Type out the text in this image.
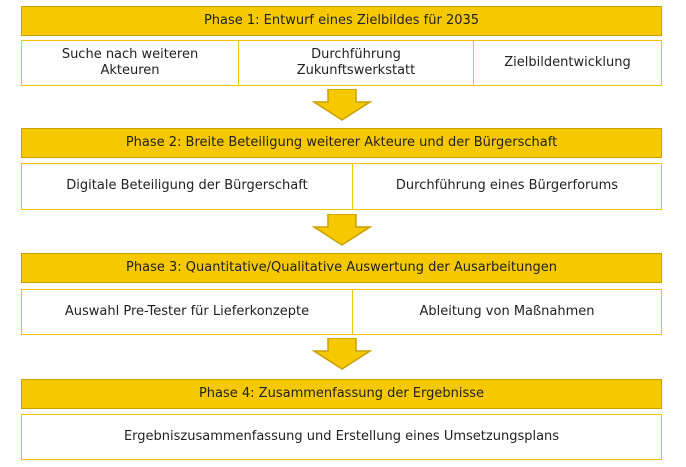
Phase 1: Entwurf eines Zielbildes für 2035
Suche nach weiteren
Akteuren
Durchführung
Zukunftswerkstatt
Zielbildentwicklung
Phase 2: Breite Beteiligung weiterer Akteure und der Bürgerschaft
Digitale Beteiligung der Bürgerschaft	Durchführung eines Bürgerforums
Phase 3: Quantitative/Qualitative Auswertung der Ausarbeitungen
Auswahl Pre-Tester für Lieferkonzepte	Ableitung von Maßnahmen
Phase 4: Zusammenfassung der Ergebnisse
Ergebniszusammenfassung und Erstellung eines Umsetzungsplans
